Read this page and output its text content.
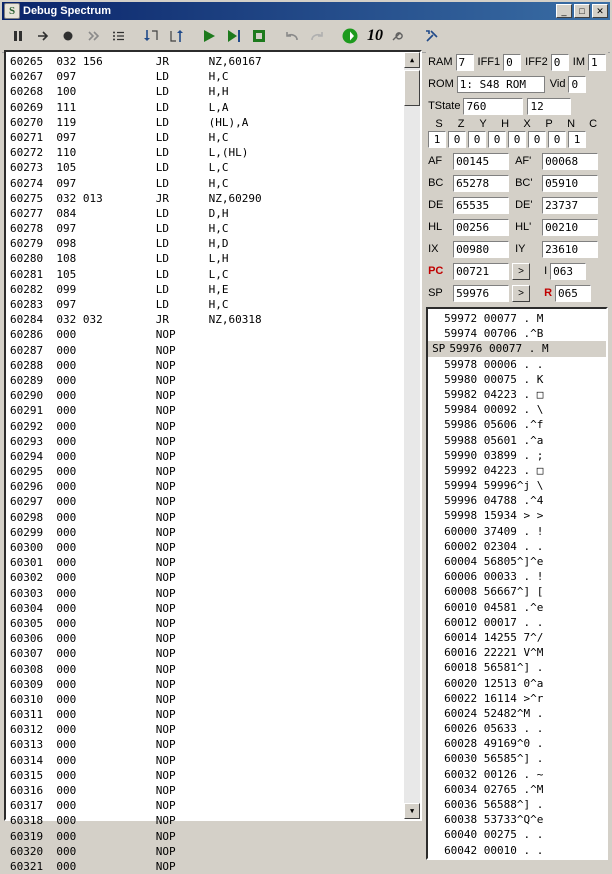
S Debug Spectrum	_	□	✕
10
60265  032 156        JR      NZ,60167
60267  097            LD      H,C
60268  100            LD      H,H
60269  111            LD      L,A
60270  119            LD      (HL),A
60271  097            LD      H,C
60272  110            LD      L,(HL)
60273  105            LD      L,C
60274  097            LD      H,C
60275  032 013        JR      NZ,60290
60277  084            LD      D,H
60278  097            LD      H,C
60279  098            LD      H,D
60280  108            LD      L,H
60281  105            LD      L,C
60282  099            LD      H,E
60283  097            LD      H,C
60284  032 032        JR      NZ,60318
60286  000            NOP
60287  000            NOP
60288  000            NOP
60289  000            NOP
60290  000            NOP
60291  000            NOP
60292  000            NOP
60293  000            NOP
60294  000            NOP
60295  000            NOP
60296  000            NOP
60297  000            NOP
60298  000            NOP
60299  000            NOP
60300  000            NOP
60301  000            NOP
60302  000            NOP
60303  000            NOP
60304  000            NOP
60305  000            NOP
60306  000            NOP
60307  000            NOP
60308  000            NOP
60309  000            NOP
60310  000            NOP
60311  000            NOP
60312  000            NOP
60313  000            NOP
60314  000            NOP
60315  000            NOP
60316  000            NOP
60317  000            NOP
60318  000            NOP
60319  000            NOP
60320  000            NOP
60321  000            NOP
▲
▼
RAM 7	IFF1 0	IFF2 0	IM 1
ROM 1: S48 ROM	Vid 0
TState 760	12
S	Z	Y	H	X	P	N	C
1	0	0	0	0	0	0	1
AF	00145	AF'	00068
BC	65278	BC'	05910
DE	65535	DE'	23737
HL	00256	HL'	00210
IX	00980	IY	23610
PC	00721	>	I 063
SP	59976	>	R 065
59972 00077 . M
59974 00706 .^B
SP 59976 00077 . M
59978 00006 . .
59980 00075 . K
59982 04223 . □
59984 00092 . \
59986 05606 .^f
59988 05601 .^a
59990 03899 . ;
59992 04223 . □
59994 59996^j \
59996 04788 .^4
59998 15934 > >
60000 37409 . !
60002 02304 . .
60004 56805^]^e
60006 00033 . !
60008 56667^] [
60010 04581 .^e
60012 00017 . .
60014 14255 7^/
60016 22221 V^M
60018 56581^] .
60020 12513 0^a
60022 16114 >^r
60024 52482^M .
60026 05633 . .
60028 49169^0 .
60030 56585^] .
60032 00126 . ~
60034 02765 .^M
60036 56588^] .
60038 53733^Q^e
60040 00275 . .
60042 00010 . .
